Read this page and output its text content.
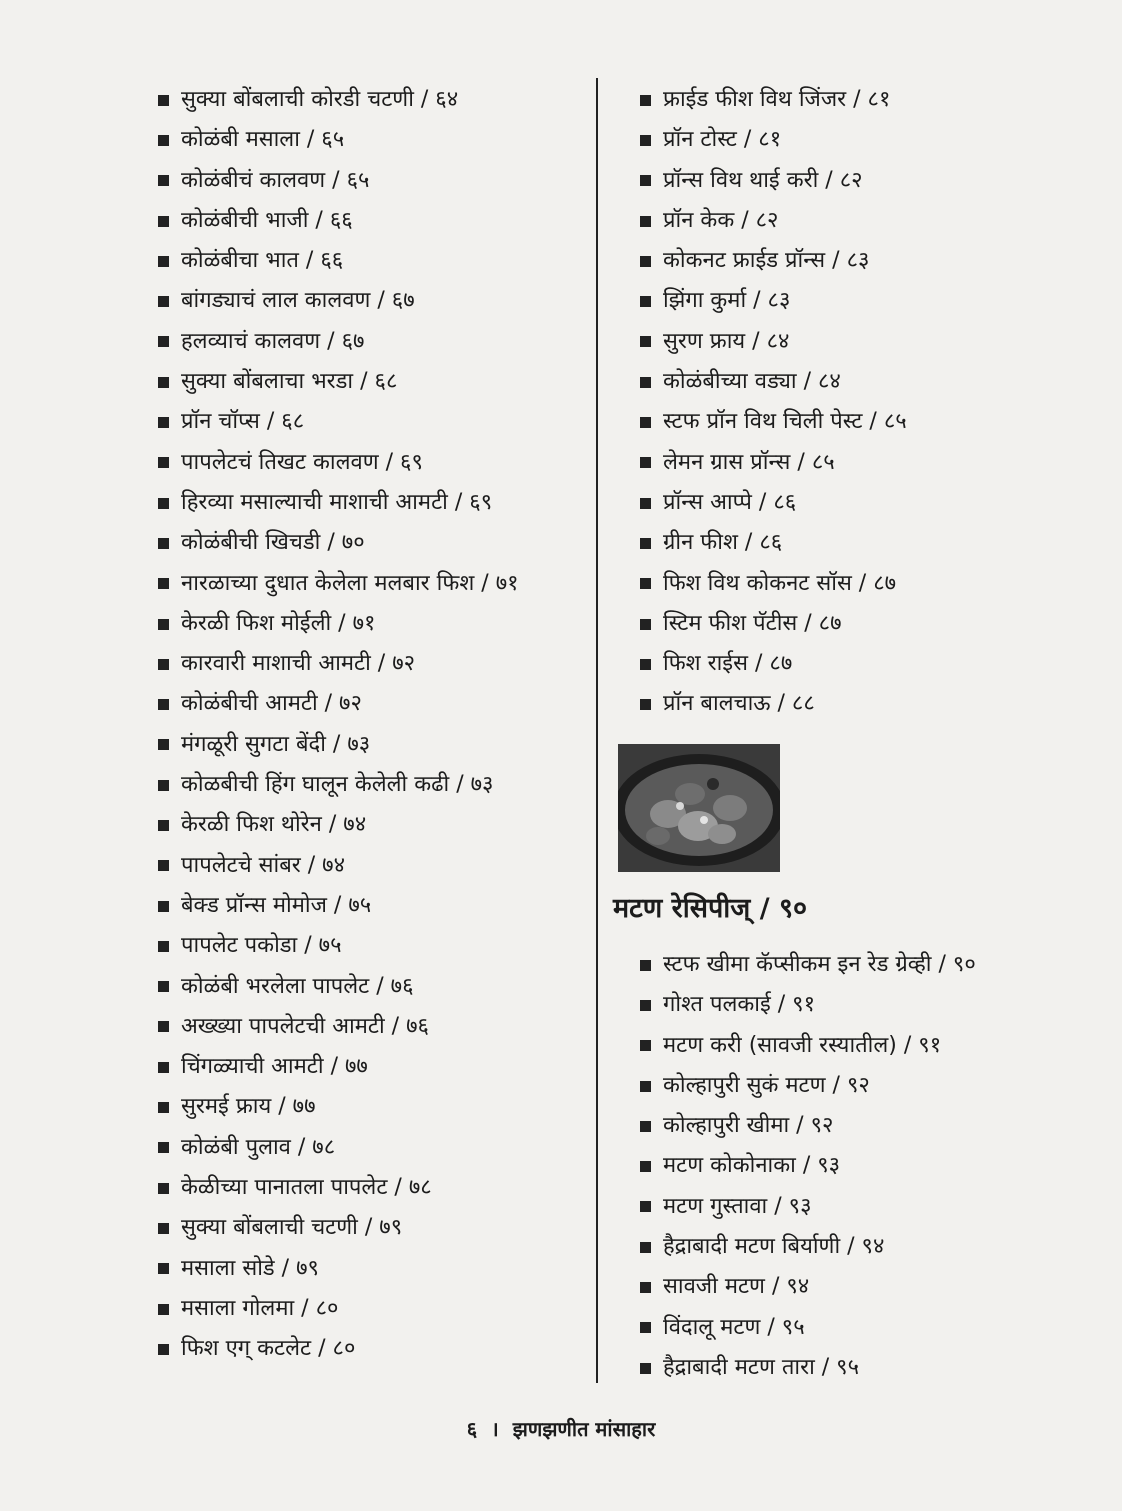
सुक्या बोंबलाची कोरडी चटणी / ६४
कोळंबी मसाला / ६५
कोळंबीचं कालवण / ६५
कोळंबीची भाजी / ६६
कोळंबीचा भात / ६६
बांगड्याचं लाल कालवण / ६७
हलव्याचं कालवण / ६७
सुक्या बोंबलाचा भरडा / ६८
प्रॉन चॉप्स / ६८
पापलेटचं तिखट कालवण / ६९
हिरव्या मसाल्याची माशाची आमटी / ६९
कोळंबीची खिचडी / ७०
नारळाच्या दुधात केलेला मलबार फिश / ७१
केरळी फिश मोईली / ७१
कारवारी माशाची आमटी / ७२
कोळंबीची आमटी / ७२
मंगळूरी सुगटा बेंदी / ७३
कोळबीची हिंग घालून केलेली कढी / ७३
केरळी फिश थोरेन / ७४
पापलेटचे सांबर / ७४
बेक्ड प्रॉन्स मोमोज / ७५
पापलेट पकोडा / ७५
कोळंबी भरलेला पापलेट / ७६
अख्ख्या पापलेटची आमटी / ७६
चिंगळ्याची आमटी / ७७
सुरमई फ्राय / ७७
कोळंबी पुलाव / ७८
केळीच्या पानातला पापलेट / ७८
सुक्या बोंबलाची चटणी / ७९
मसाला सोडे / ७९
मसाला गोलमा / ८०
फिश एग् कटलेट / ८०
फ्राईड फीश विथ जिंजर / ८१
प्रॉन टोस्ट / ८१
प्रॉन्स विथ थाई करी / ८२
प्रॉन केक / ८२
कोकनट फ्राईड प्रॉन्स / ८३
झिंगा कुर्मा / ८३
सुरण फ्राय / ८४
कोळंबीच्या वड्या / ८४
स्टफ प्रॉन विथ चिली पेस्ट / ८५
लेमन ग्रास प्रॉन्स / ८५
प्रॉन्स आप्पे / ८६
ग्रीन फीश / ८६
फिश विथ कोकनट सॉस / ८७
स्टिम फीश पॅटीस / ८७
फिश राईस / ८७
प्रॉन बालचाऊ / ८८
मटण रेसिपीज् / ९०
स्टफ खीमा कॅप्सीकम इन रेड ग्रेव्ही / ९०
गोश्त पलकाई / ९१
मटण करी (सावजी रस्यातील) / ९१
कोल्हापुरी सुकं मटण / ९२
कोल्हापुरी खीमा / ९२
मटण कोकोनाका / ९३
मटण गुस्तावा / ९३
हैद्राबादी मटण बिर्याणी / ९४
सावजी मटण / ९४
विंदालू मटण / ९५
हैद्राबादी मटण तारा / ९५
६ । झणझणीत मांसाहार
